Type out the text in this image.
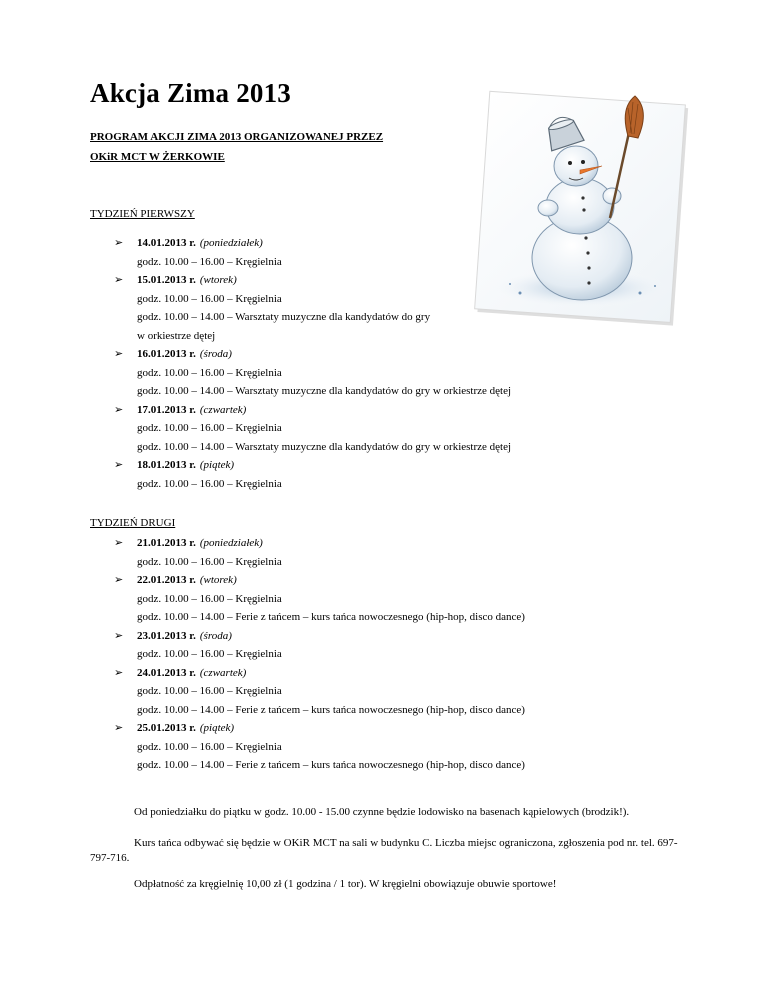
Akcja Zima 2013
PROGRAM AKCJI ZIMA 2013 ORGANIZOWANEJ PRZEZ
OKiR MCT W ŻERKOWIE
TYDZIEŃ PIERWSZY
➢	14.01.2013 r. (poniedziałek)
godz. 10.00 – 16.00 – Kręgielnia
➢	15.01.2013 r. (wtorek)
godz. 10.00 – 16.00 – Kręgielnia
godz. 10.00 – 14.00 – Warsztaty muzyczne dla kandydatów do gry
w orkiestrze dętej
➢	16.01.2013 r. (środa)
godz. 10.00 – 16.00 – Kręgielnia
godz. 10.00 – 14.00 – Warsztaty muzyczne dla kandydatów do gry w orkiestrze dętej
➢	17.01.2013 r. (czwartek)
godz. 10.00 – 16.00 – Kręgielnia
godz. 10.00 – 14.00 – Warsztaty muzyczne dla kandydatów do gry w orkiestrze dętej
➢	18.01.2013 r. (piątek)
godz. 10.00 – 16.00 – Kręgielnia
TYDZIEŃ DRUGI
➢	21.01.2013 r. (poniedziałek)
godz. 10.00 – 16.00 – Kręgielnia
➢	22.01.2013 r. (wtorek)
godz. 10.00 – 16.00 – Kręgielnia
godz. 10.00 – 14.00 – Ferie z tańcem – kurs tańca nowoczesnego (hip-hop, disco dance)
➢	23.01.2013 r. (środa)
godz. 10.00 – 16.00 – Kręgielnia
➢	24.01.2013 r. (czwartek)
godz. 10.00 – 16.00 – Kręgielnia
godz. 10.00 – 14.00 – Ferie z tańcem – kurs tańca nowoczesnego (hip-hop, disco dance)
➢	25.01.2013 r. (piątek)
godz. 10.00 – 16.00 – Kręgielnia
godz. 10.00 – 14.00 – Ferie z tańcem – kurs tańca nowoczesnego (hip-hop, disco dance)
Od poniedziałku do piątku w godz. 10.00 - 15.00 czynne będzie lodowisko na basenach kąpielowych (brodzik!).
Kurs tańca odbywać się będzie w OKiR MCT na sali w budynku C. Liczba miejsc ograniczona, zgłoszenia pod nr. tel. 697-797-716.
Odpłatność za kręgielnię 10,00 zł (1 godzina / 1 tor). W kręgielni obowiązuje obuwie sportowe!
